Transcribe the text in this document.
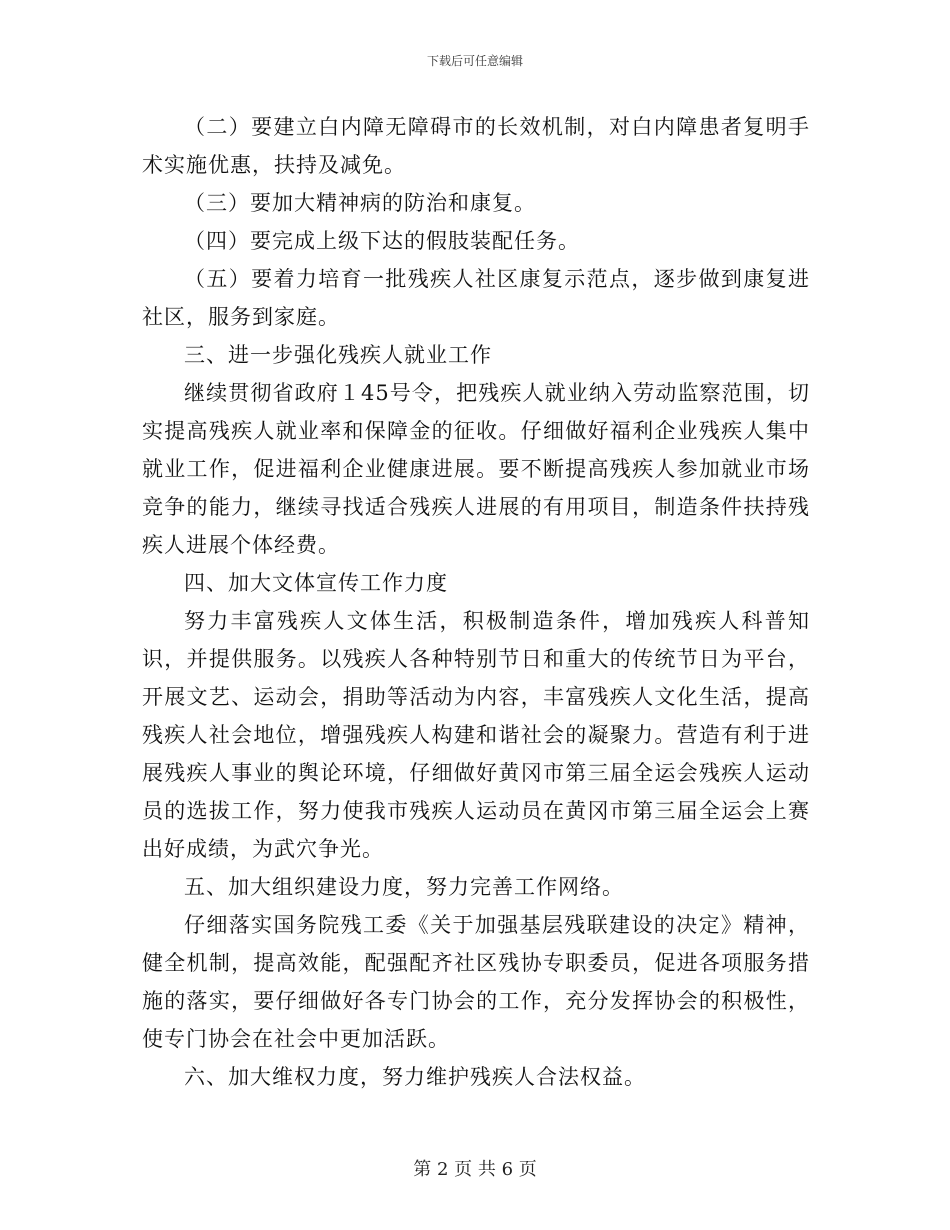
下载后可任意编辑

（二）要建立白内障无障碍市的长效机制，对白内障患者复明手术实施优惠，扶持及减免。

（三）要加大精神病的防治和康复。

（四）要完成上级下达的假肢装配任务。

（五）要着力培育一批残疾人社区康复示范点，逐步做到康复进社区，服务到家庭。

三、进一步强化残疾人就业工作

继续贯彻省政府１45号令，把残疾人就业纳入劳动监察范围，切实提高残疾人就业率和保障金的征收。仔细做好福利企业残疾人集中就业工作，促进福利企业健康进展。要不断提高残疾人参加就业市场竞争的能力，继续寻找适合残疾人进展的有用项目，制造条件扶持残疾人进展个体经费。

四、加大文体宣传工作力度

努力丰富残疾人文体生活，积极制造条件，增加残疾人科普知识，并提供服务。以残疾人各种特别节日和重大的传统节日为平台，开展文艺、运动会，捐助等活动为内容，丰富残疾人文化生活，提高残疾人社会地位，增强残疾人构建和谐社会的凝聚力。营造有利于进展残疾人事业的舆论环境，仔细做好黄冈市第三届全运会残疾人运动员的选拔工作，努力使我市残疾人运动员在黄冈市第三届全运会上赛出好成绩，为武穴争光。

五、加大组织建设力度，努力完善工作网络。

仔细落实国务院残工委《关于加强基层残联建设的决定》精神，健全机制，提高效能，配强配齐社区残协专职委员，促进各项服务措施的落实，要仔细做好各专门协会的工作，充分发挥协会的积极性，使专门协会在社会中更加活跃。

六、加大维权力度，努力维护残疾人合法权益。

第 2 页 共 6 页
